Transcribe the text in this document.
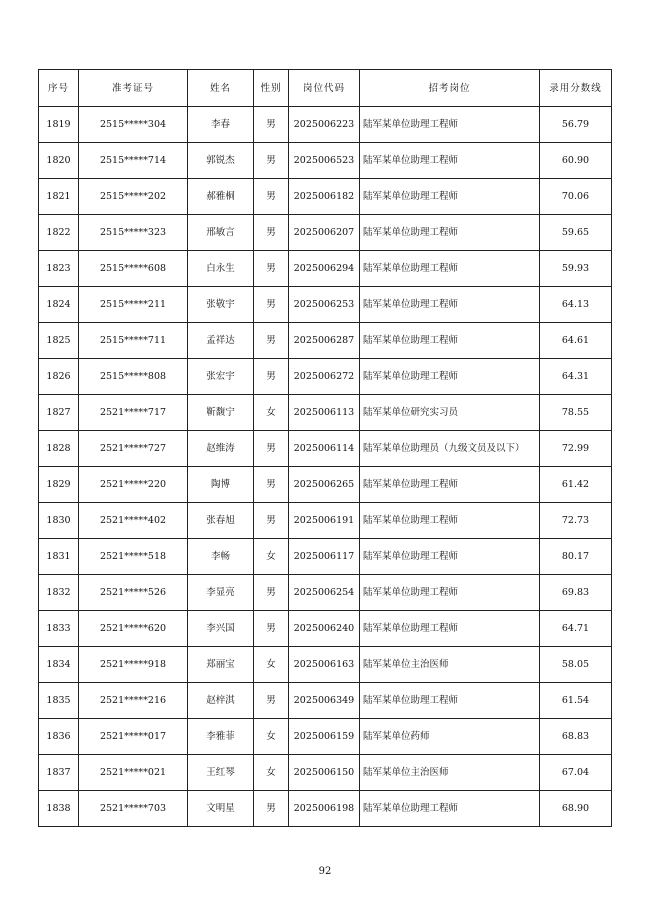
序号	准考证号	姓名	性别	岗位代码	招考岗位	录用分数线
1819	2515*****304	李春	男	2025006223	陆军某单位助理工程师	56.79
1820	2515*****714	郭锐杰	男	2025006523	陆军某单位助理工程师	60.90
1821	2515*****202	郝雅桐	男	2025006182	陆军某单位助理工程师	70.06
1822	2515*****323	邢敏言	男	2025006207	陆军某单位助理工程师	59.65
1823	2515*****608	白永生	男	2025006294	陆军某单位助理工程师	59.93
1824	2515*****211	张敬宇	男	2025006253	陆军某单位助理工程师	64.13
1825	2515*****711	孟祥达	男	2025006287	陆军某单位助理工程师	64.61
1826	2515*****808	张宏宇	男	2025006272	陆军某单位助理工程师	64.31
1827	2521*****717	靳馥宁	女	2025006113	陆军某单位研究实习员	78.55
1828	2521*****727	赵维涛	男	2025006114	陆军某单位助理员（九级文员及以下）	72.99
1829	2521*****220	陶博	男	2025006265	陆军某单位助理工程师	61.42
1830	2521*****402	张春旭	男	2025006191	陆军某单位助理工程师	72.73
1831	2521*****518	李畅	女	2025006117	陆军某单位助理工程师	80.17
1832	2521*****526	李显亮	男	2025006254	陆军某单位助理工程师	69.83
1833	2521*****620	李兴国	男	2025006240	陆军某单位助理工程师	64.71
1834	2521*****918	郑丽宝	女	2025006163	陆军某单位主治医师	58.05
1835	2521*****216	赵梓淇	男	2025006349	陆军某单位助理工程师	61.54
1836	2521*****017	李雅菲	女	2025006159	陆军某单位药师	68.83
1837	2521*****021	王红琴	女	2025006150	陆军某单位主治医师	67.04
1838	2521*****703	文明星	男	2025006198	陆军某单位助理工程师	68.90
92
